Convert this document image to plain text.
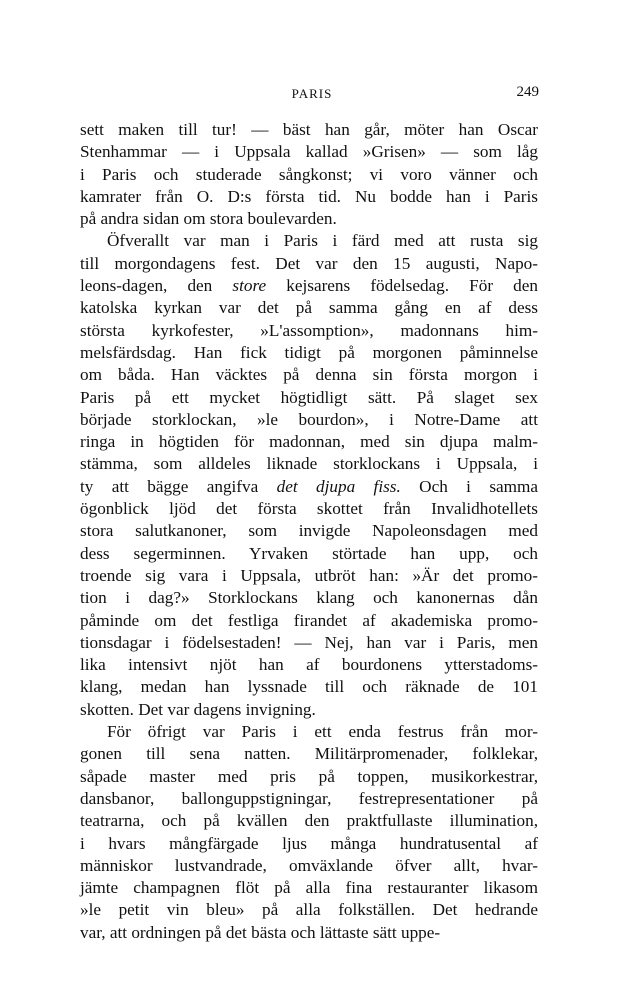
PARIS	249
sett maken till tur! — bäst han går, möter han Oscar
Stenhammar — i Uppsala kallad »Grisen» — som låg
i Paris och studerade sångkonst; vi voro vänner och
kamrater från O. D:s första tid. Nu bodde han i Paris
på andra sidan om stora boulevarden.
Öfverallt var man i Paris i färd med att rusta sig
till morgondagens fest. Det var den 15 augusti, Napo-
leons-dagen, den store kejsarens födelsedag. För den
katolska kyrkan var det på samma gång en af dess
största kyrkofester, »L'assomption», madonnans him-
melsfärdsdag. Han fick tidigt på morgonen påminnelse
om båda. Han väcktes på denna sin första morgon i
Paris på ett mycket högtidligt sätt. På slaget sex
började storklockan, »le bourdon», i Notre-Dame att
ringa in högtiden för madonnan, med sin djupa malm-
stämma, som alldeles liknade storklockans i Uppsala, i
ty att bägge angifva det djupa fiss. Och i samma
ögonblick ljöd det första skottet från Invalidhotellets
stora salutkanoner, som invigde Napoleonsdagen med
dess segerminnen. Yrvaken störtade han upp, och
troende sig vara i Uppsala, utbröt han: »Är det promo-
tion i dag?» Storklockans klang och kanonernas dån
påminde om det festliga firandet af akademiska promo-
tionsdagar i födelsestaden! — Nej, han var i Paris, men
lika intensivt njöt han af bourdonens ytterstadoms-
klang, medan han lyssnade till och räknade de 101
skotten. Det var dagens invigning.
För öfrigt var Paris i ett enda festrus från mor-
gonen till sena natten. Militärpromenader, folklekar,
såpade master med pris på toppen, musikorkestrar,
dansbanor, ballonguppstigningar, festrepresentationer på
teatrarna, och på kvällen den praktfullaste illumination,
i hvars mångfärgade ljus många hundratusental af
människor lustvandrade, omväxlande öfver allt, hvar-
jämte champagnen flöt på alla fina restauranter likasom
»le petit vin bleu» på alla folkställen. Det hedrande
var, att ordningen på det bästa och lättaste sätt uppe-
